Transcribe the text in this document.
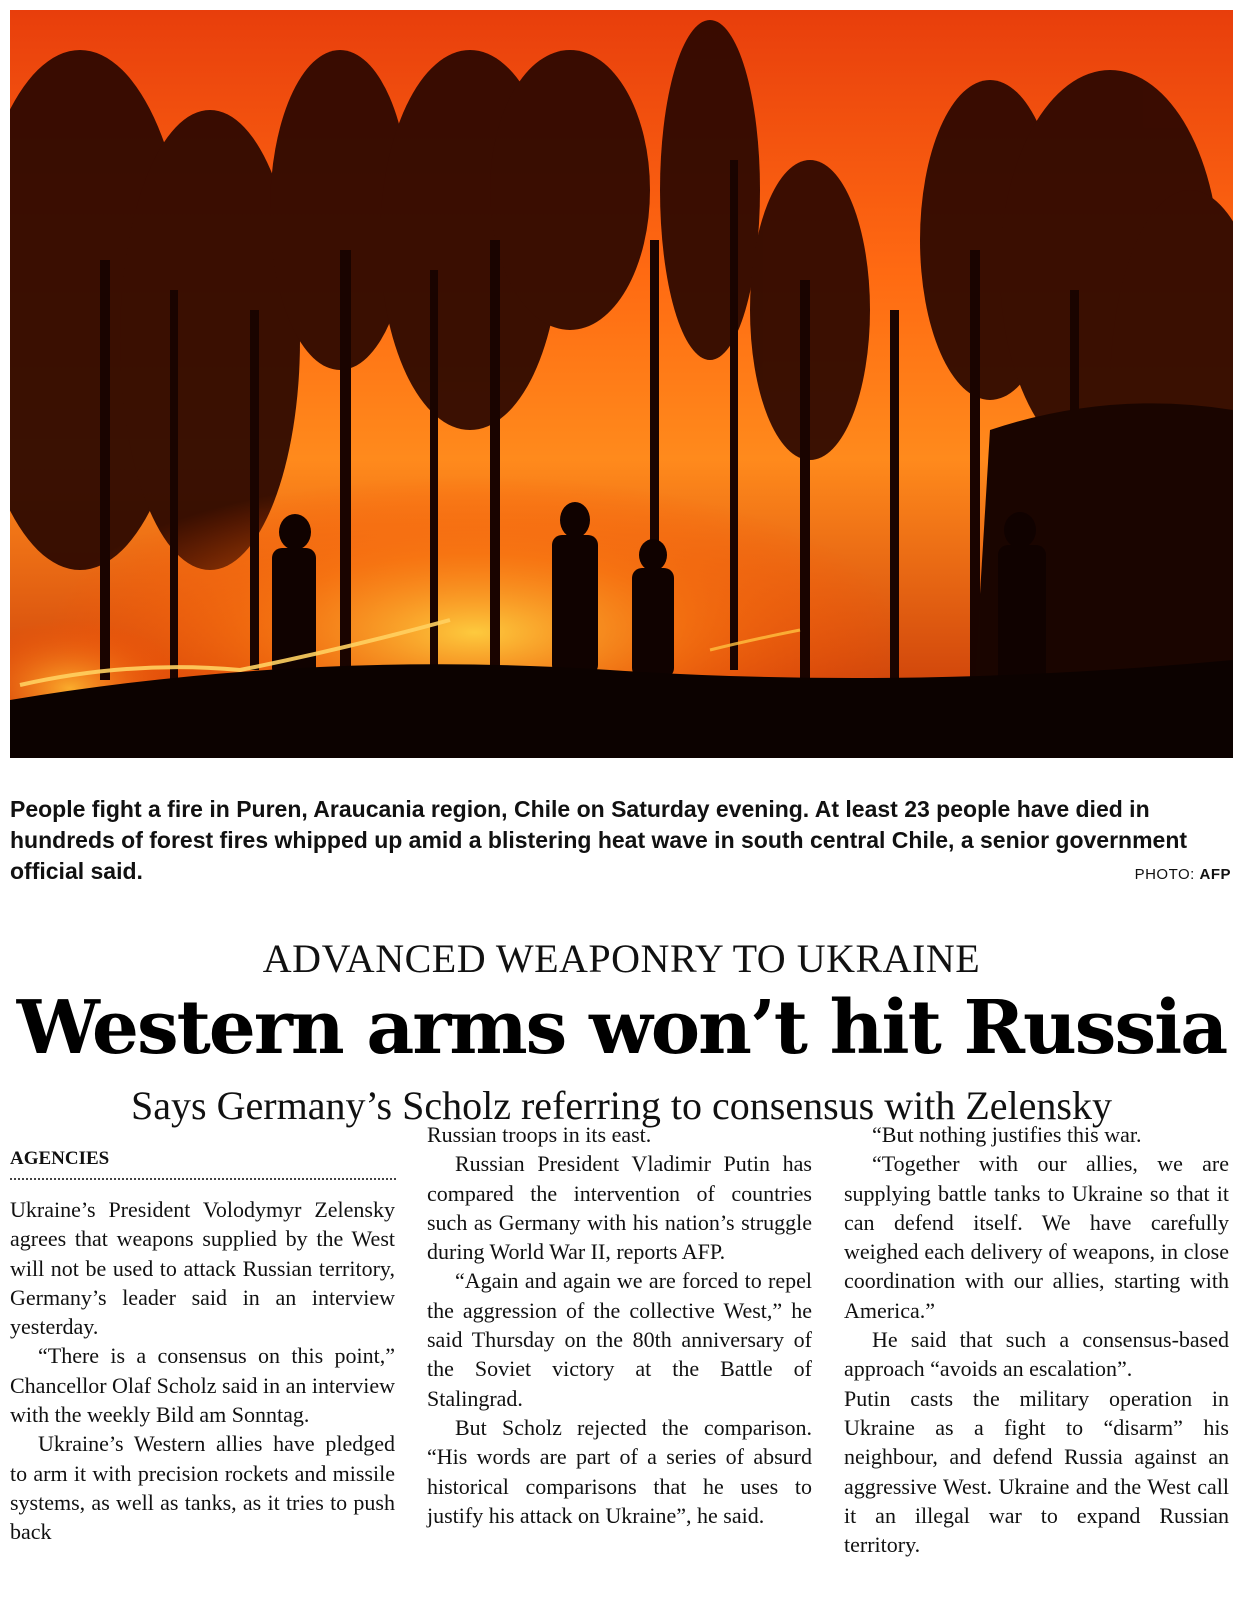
People fight a fire in Puren, Araucania region, Chile on Saturday evening. At least 23 people have died in hundreds of forest fires whipped up amid a blistering heat wave in south central Chile, a senior government official said.	PHOTO: AFP
ADVANCED WEAPONRY TO UKRAINE
Western arms won’t hit Russia
Says Germany’s Scholz referring to consensus with Zelensky
AGENCIES

Ukraine’s President Volodymyr Zelensky agrees that weapons supplied by the West will not be used to attack Russian territory, Germany’s leader said in an interview yesterday.

“There is a consensus on this point,” Chancellor Olaf Scholz said in an interview with the weekly Bild am Sonntag.

Ukraine’s Western allies have pledged to arm it with precision rockets and missile systems, as well as tanks, as it tries to push back

Russian troops in its east.

Russian President Vladimir Putin has compared the intervention of countries such as Germany with his nation’s struggle during World War II, reports AFP.

“Again and again we are forced to repel the aggression of the collective West,” he said Thursday on the 80th anniversary of the Soviet victory at the Battle of Stalingrad.

But Scholz rejected the comparison. “His words are part of a series of absurd historical comparisons that he uses to justify his attack on Ukraine”, he said.

“But nothing justifies this war.

“Together with our allies, we are supplying battle tanks to Ukraine so that it can defend itself. We have carefully weighed each delivery of weapons, in close coordination with our allies, starting with America.”

He said that such a consensus-based approach “avoids an escalation”.

Putin casts the military operation in Ukraine as a fight to “disarm” his neighbour, and defend Russia against an aggressive West. Ukraine and the West call it an illegal war to expand Russian territory.
